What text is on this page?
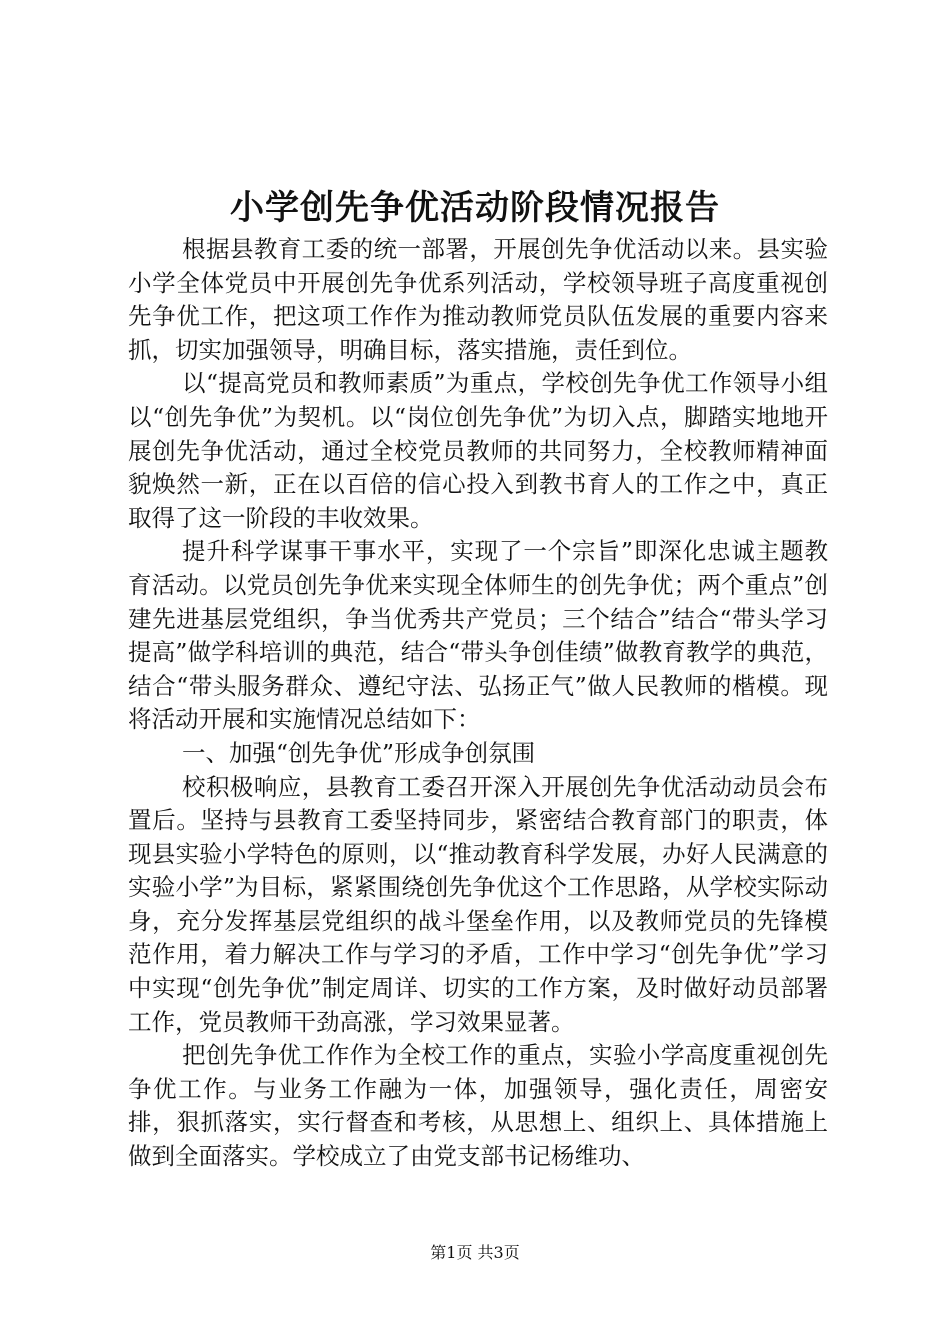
小学创先争优活动阶段情况报告

根据县教育工委的统一部署，开展创先争优活动以来。县实验小学全体党员中开展创先争优系列活动，学校领导班子高度重视创先争优工作，把这项工作作为推动教师党员队伍发展的重要内容来抓，切实加强领导，明确目标，落实措施，责任到位。

以“提高党员和教师素质”为重点，学校创先争优工作领导小组以“创先争优”为契机。以“岗位创先争优”为切入点，脚踏实地地开展创先争优活动，通过全校党员教师的共同努力，全校教师精神面貌焕然一新，正在以百倍的信心投入到教书育人的工作之中，真正取得了这一阶段的丰收效果。

提升科学谋事干事水平，实现了一个宗旨”即深化忠诚主题教育活动。以党员创先争优来实现全体师生的创先争优；两个重点”创建先进基层党组织，争当优秀共产党员；三个结合”结合“带头学习提高”做学科培训的典范，结合“带头争创佳绩”做教育教学的典范，结合“带头服务群众、遵纪守法、弘扬正气”做人民教师的楷模。现将活动开展和实施情况总结如下：

一、加强“创先争优”形成争创氛围

校积极响应，县教育工委召开深入开展创先争优活动动员会布置后。坚持与县教育工委坚持同步，紧密结合教育部门的职责，体现县实验小学特色的原则，以“推动教育科学发展，办好人民满意的实验小学”为目标，紧紧围绕创先争优这个工作思路，从学校实际动身，充分发挥基层党组织的战斗堡垒作用，以及教师党员的先锋模范作用，着力解决工作与学习的矛盾，工作中学习“创先争优”学习中实现“创先争优”制定周详、切实的工作方案，及时做好动员部署工作，党员教师干劲高涨，学习效果显著。

把创先争优工作作为全校工作的重点，实验小学高度重视创先争优工作。与业务工作融为一体，加强领导，强化责任，周密安排，狠抓落实，实行督查和考核，从思想上、组织上、具体措施上做到全面落实。学校成立了由党支部书记杨维功、

第1页 共3页
